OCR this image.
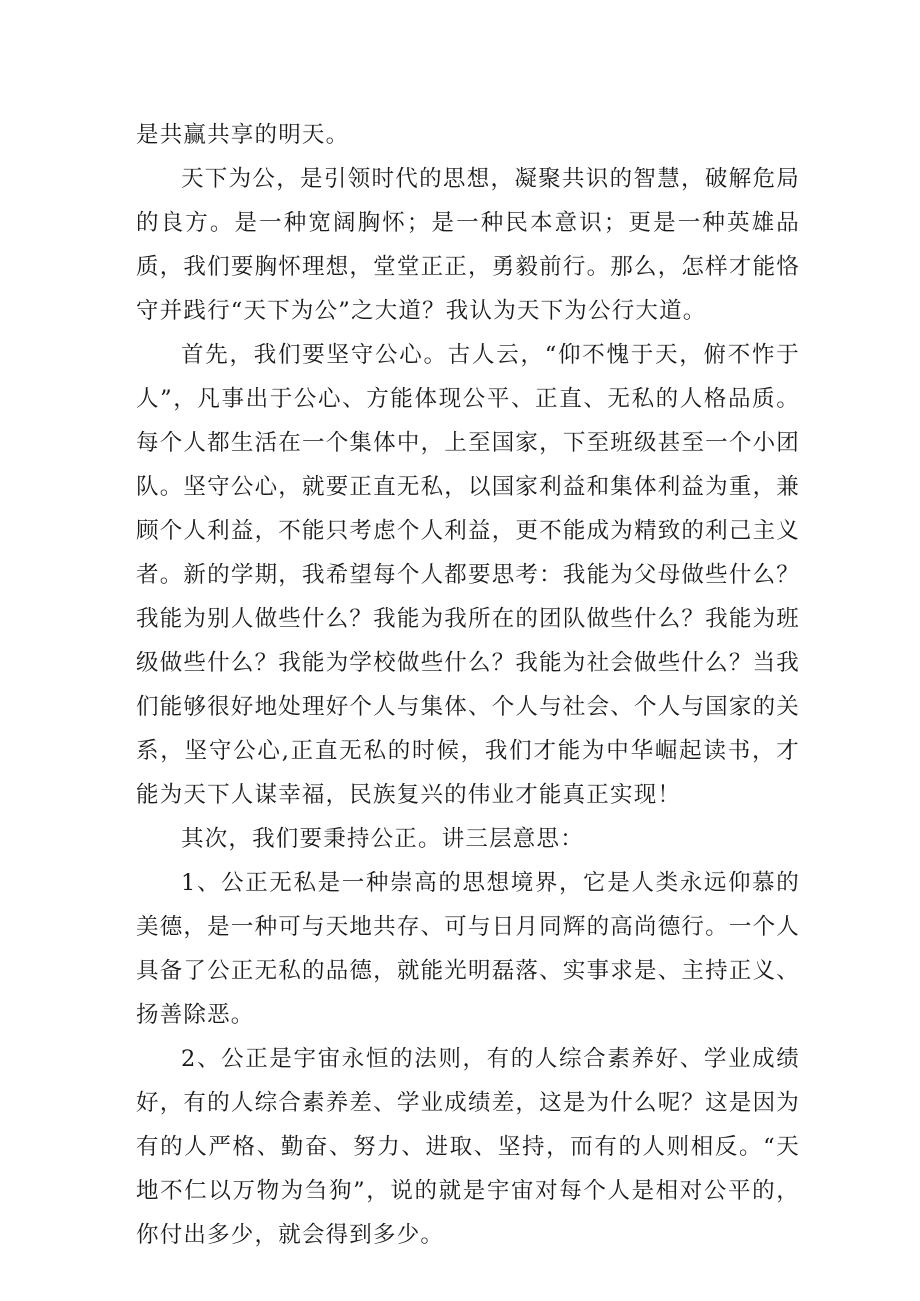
是共赢共享的明天。

天下为公，是引领时代的思想，凝聚共识的智慧，破解危局的良方。是一种宽阔胸怀；是一种民本意识；更是一种英雄品质，我们要胸怀理想，堂堂正正，勇毅前行。那么，怎样才能恪守并践行“天下为公”之大道？我认为天下为公行大道。

首先，我们要坚守公心。古人云，“仰不愧于天，俯不怍于人”，凡事出于公心、方能体现公平、正直、无私的人格品质。每个人都生活在一个集体中，上至国家，下至班级甚至一个小团队。坚守公心，就要正直无私，以国家利益和集体利益为重，兼顾个人利益，不能只考虑个人利益，更不能成为精致的利己主义者。新的学期，我希望每个人都要思考：我能为父母做些什么？我能为别人做些什么？我能为我所在的团队做些什么？我能为班级做些什么？我能为学校做些什么？我能为社会做些什么？当我们能够很好地处理好个人与集体、个人与社会、个人与国家的关系，坚守公心,正直无私的时候，我们才能为中华崛起读书，才能为天下人谋幸福，民族复兴的伟业才能真正实现！

其次，我们要秉持公正。讲三层意思：

1、公正无私是一种崇高的思想境界，它是人类永远仰慕的美德，是一种可与天地共存、可与日月同辉的高尚德行。一个人具备了公正无私的品德，就能光明磊落、实事求是、主持正义、扬善除恶。

2、公正是宇宙永恒的法则，有的人综合素养好、学业成绩好，有的人综合素养差、学业成绩差，这是为什么呢？这是因为有的人严格、勤奋、努力、进取、坚持，而有的人则相反。“天地不仁以万物为刍狗”，说的就是宇宙对每个人是相对公平的，你付出多少，就会得到多少。
